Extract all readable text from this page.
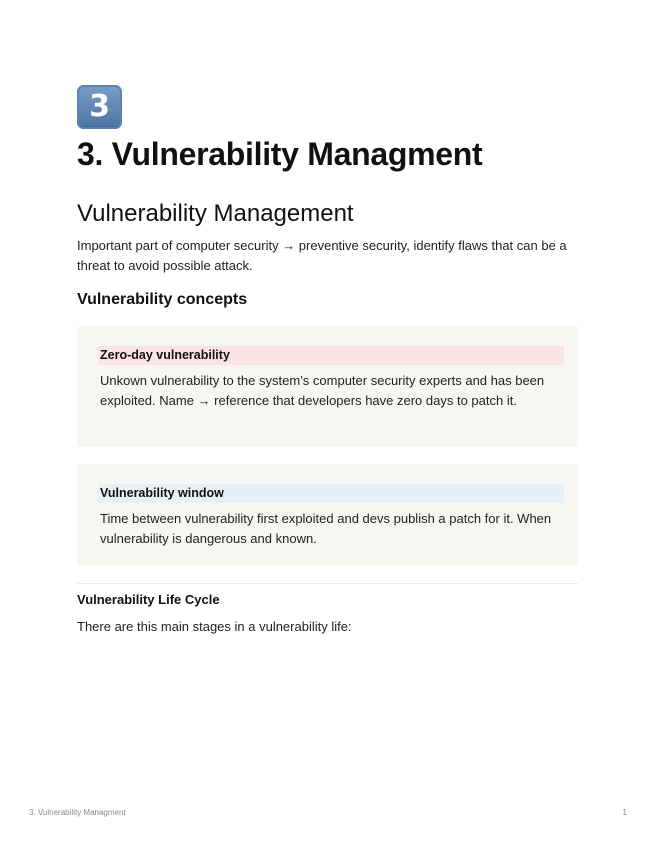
3
3. Vulnerability Managment
Vulnerability Management

Important part of computer security → preventive security, identify flaws that can be a threat to avoid possible attack.

Vulnerability concepts
Zero-day vulnerability

Unkown vulnerability to the system’s computer security experts and has been exploited. Name → reference that developers have zero days to patch it.

Vulnerability window

Time between vulnerability first exploited and devs publish a patch for it. When vulnerability is dangerous and known.

Vulnerability Life Cycle

There are this main stages in a vulnerability life:

3. Vulnerability Managment	1
